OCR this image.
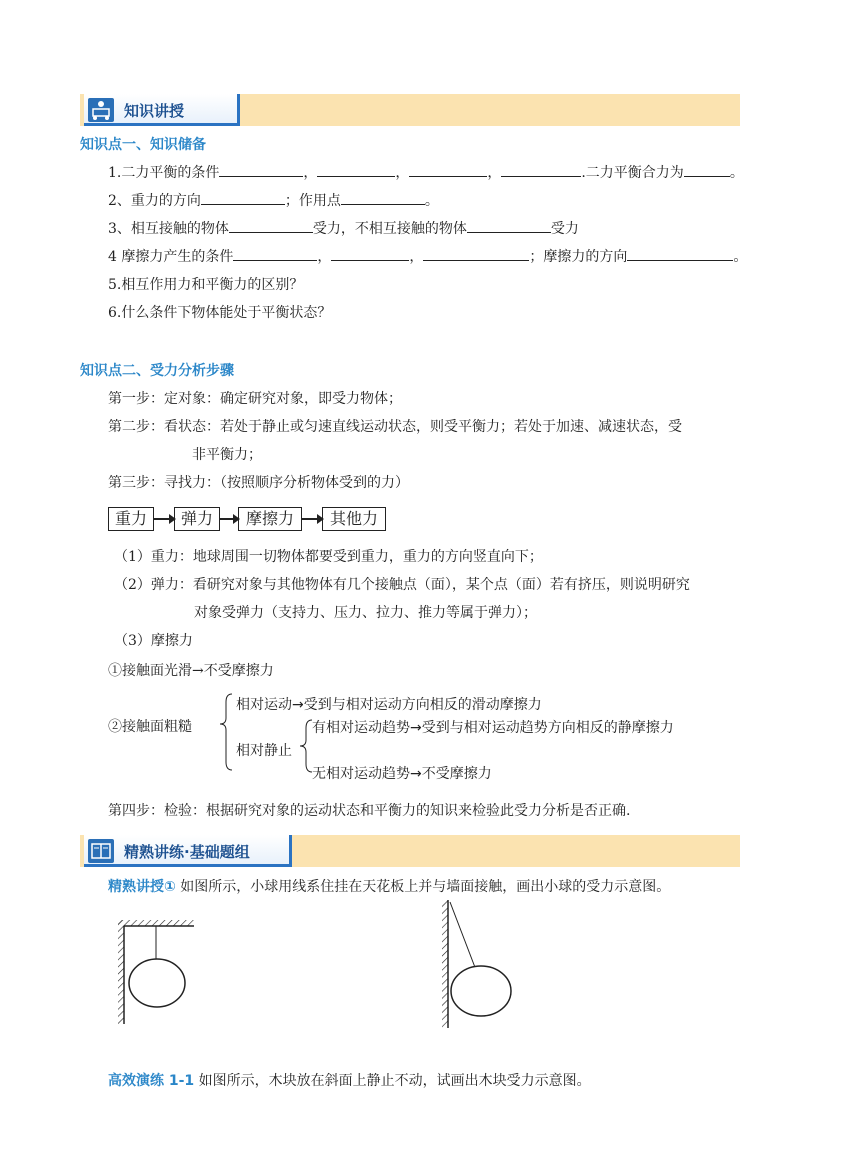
知识讲授
知识点一、知识储备
1.二力平衡的条件	，	，	，	.二力平衡合力为	。
2、重力的方向	；作用点	。
3、相互接触的物体	受力，不相互接触的物体	受力
4 摩擦力产生的条件	，	，	；摩擦力的方向	。
5.相互作用力和平衡力的区别？
6.什么条件下物体能处于平衡状态？
知识点二、受力分析步骤
第一步：定对象：确定研究对象，即受力物体；
第二步：看状态：若处于静止或匀速直线运动状态，则受平衡力；若处于加速、减速状态，受
非平衡力；
第三步：寻找力：（按照顺序分析物体受到的力）
重力	弹力	摩擦力	其他力
（1）重力：地球周围一切物体都要受到重力，重力的方向竖直向下；
（2）弹力：看研究对象与其他物体有几个接触点（面），某个点（面）若有挤压，则说明研究
对象受弹力（支持力、压力、拉力、推力等属于弹力）；
（3）摩擦力
①接触面光滑→不受摩擦力
②接触面粗糙
相对运动→受到与相对运动方向相反的滑动摩擦力
相对静止
有相对运动趋势→受到与相对运动趋势方向相反的静摩擦力
无相对运动趋势→不受摩擦力
第四步：检验：根据研究对象的运动状态和平衡力的知识来检验此受力分析是否正确.
精熟讲练·基础题组
精熟讲授① 如图所示，小球用线系住挂在天花板上并与墙面接触，画出小球的受力示意图。
高效演练 1-1 如图所示，木块放在斜面上静止不动，试画出木块受力示意图。
